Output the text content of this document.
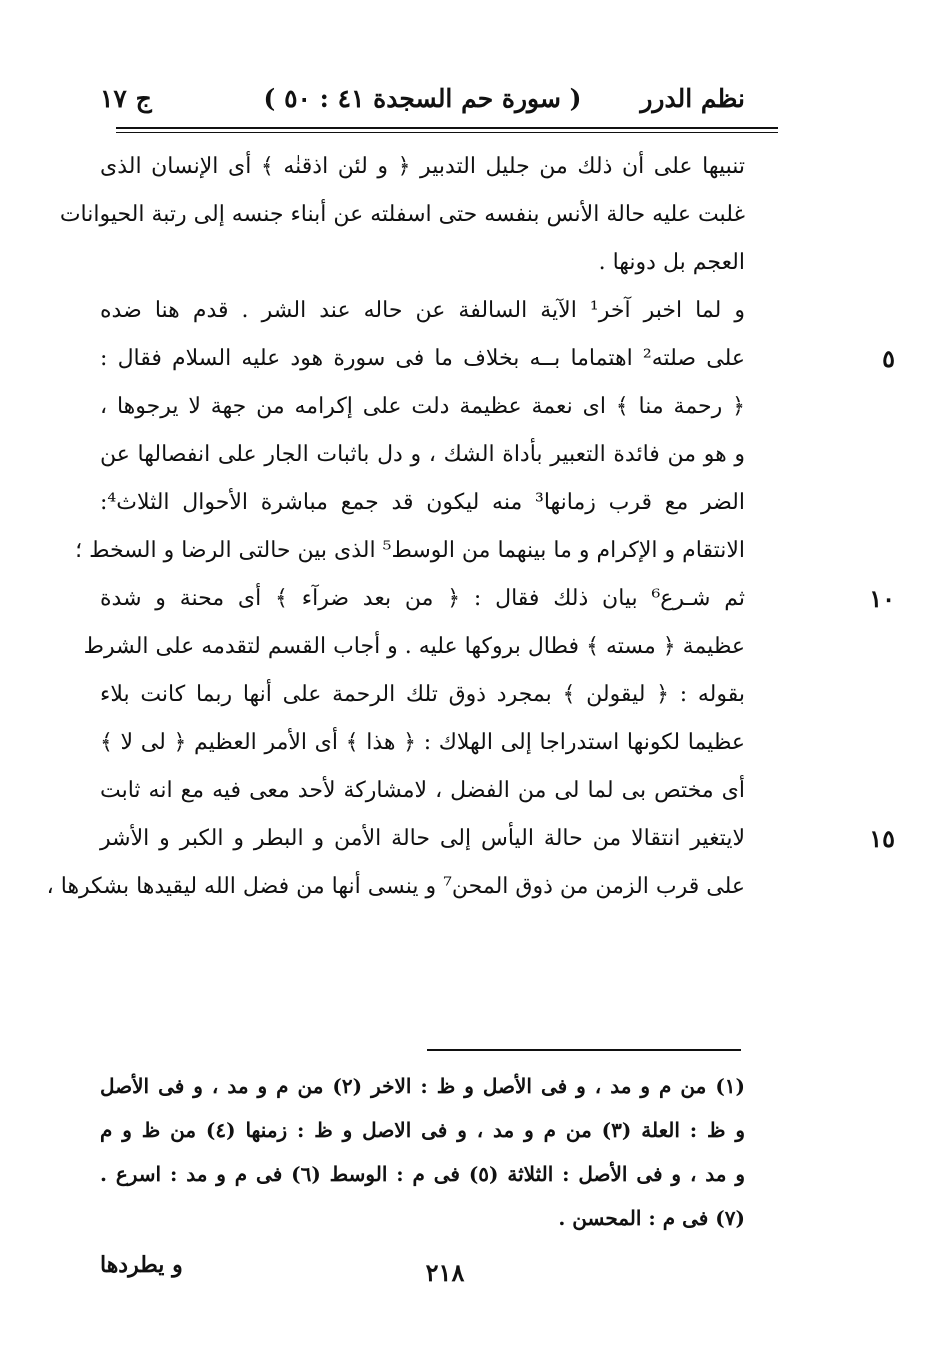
نظم الدرر
( سورة حم السجدة ٤١ : ٥٠ )
ج ١٧
تنبيها على أن ذلك من جليل التدبير ﴿ و لئن اذقنٰه ﴾ أى الإنسان الذى
غلبت عليه حالة الأنس بنفسه حتى اسفلته عن أبناء جنسه إلى رتبة الحيوانات
العجم بل دونها .
و لما اخبر آخر¹ الآية السالفة عن حاله عند الشر . قدم هنا ضده
٥
على صلته² اهتماما بــه بخلاف ما فى سورة هود عليه السلام فقال :
﴿ رحمة منا ﴾ اى نعمة عظيمة دلت على إكرامه من جهة لا يرجوها ،
و هو من فائدة التعبير بأداة الشك ، و دل باثبات الجار على انفصالها عن
الضر مع قرب زمانها³ منه ليكون قد جمع مباشرة الأحوال الثلاث⁴:
الانتقام و الإكرام و ما بينهما من الوسط⁵ الذى بين حالتى الرضا و السخط ؛
١٠
ثم شـرع⁶ بيان ذلك فقال : ﴿ من بعد ضرآء ﴾ أى محنة و شدة
عظيمة ﴿ مسته ﴾ فطال بروكها عليه . و أجاب القسم لتقدمه على الشرط
بقوله : ﴿ ليقولن ﴾ بمجرد ذوق تلك الرحمة على أنها ربما كانت بلاء
عظيما لكونها استدراجا إلى الهلاك : ﴿ هذا ﴾ أى الأمر العظيم ﴿ لى لا ﴾
أى مختص بى لما لى من الفضل ، لامشاركة لأحد معى فيه مع انه ثابت
١٥
لايتغير انتقالا من حالة اليأس إلى حالة الأمن و البطر و الكبر و الأشر
على قرب الزمن من ذوق المحن⁷ و ينسى أنها من فضل الله ليقيدها بشكرها ،
(١) من م و مد ، و فى الأصل و ظ : الاخر (٢) من م و مد ، و فى الأصل
و ظ : العلة (٣) من م و مد ، و فى الاصل و ظ : زمنها (٤) من ظ و م
و مد ، و فى الأصل : الثلاثة (٥) فى م : الوسط (٦) فى م و مد : اسرع .
(٧) فى م : المحسن .
٢١٨
و يطردها
